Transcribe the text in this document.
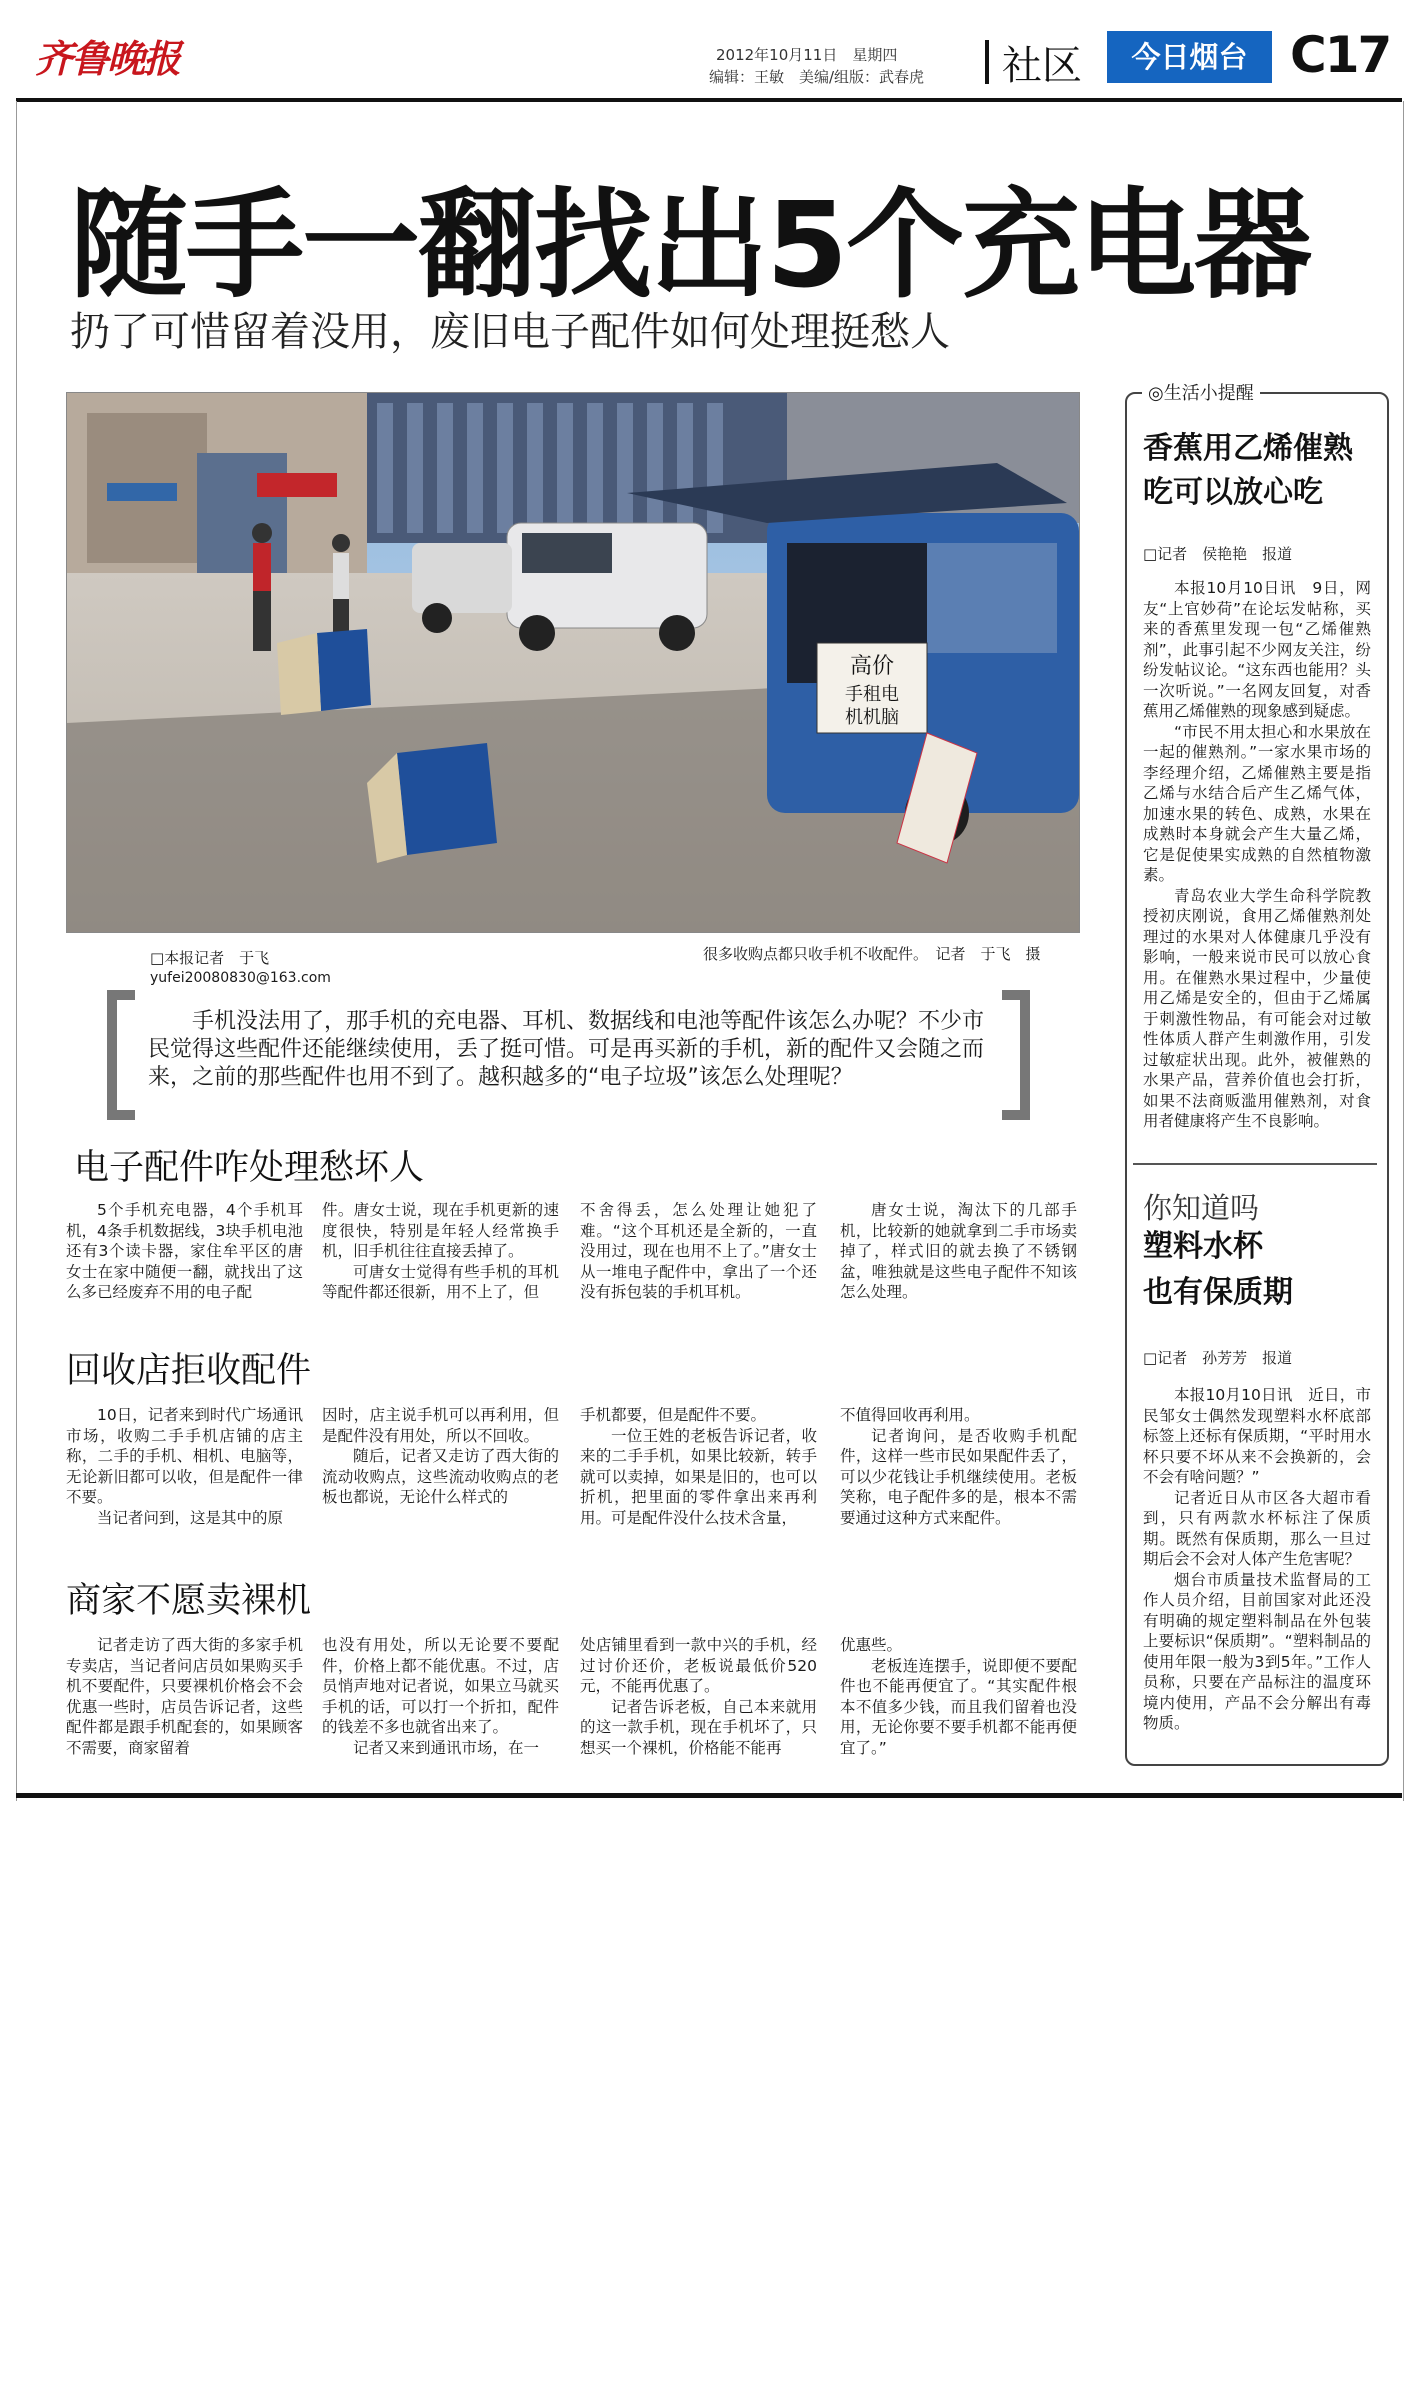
齐鲁晚报	2012年10月11日　星期四
编辑：王敏　美编/组版：武春虎 社区	今日烟台 C17
随手一翻找出5个充电器
扔了可惜留着没用，废旧电子配件如何处理挺愁人
高价
手租电
机机脑
□本报记者　于飞
yufei20080830@163.com
很多收购点都只收手机不收配件。　记者　于飞　摄
手机没法用了，那手机的充电器、耳机、数据线和电池等配件该怎么办呢？不少市民觉得这些配件还能继续使用，丢了挺可惜。可是再买新的手机，新的配件又会随之而来，之前的那些配件也用不到了。越积越多的“电子垃圾”该怎么处理呢？
电子配件咋处理愁坏人

5个手机充电器，4个手机耳机，4条手机数据线，3块手机电池还有3个读卡器，家住牟平区的唐女士在家中随便一翻，就找出了这么多已经废弃不用的电子配

件。唐女士说，现在手机更新的速度很快，特别是年轻人经常换手机，旧手机往往直接丢掉了。

可唐女士觉得有些手机的耳机等配件都还很新，用不上了，但

不舍得丢，怎么处理让她犯了难。“这个耳机还是全新的，一直没用过，现在也用不上了。”唐女士从一堆电子配件中，拿出了一个还没有拆包装的手机耳机。

唐女士说，淘汰下的几部手机，比较新的她就拿到二手市场卖掉了，样式旧的就去换了不锈钢盆，唯独就是这些电子配件不知该怎么处理。

回收店拒收配件

10日，记者来到时代广场通讯市场，收购二手手机店铺的店主称，二手的手机、相机、电脑等，无论新旧都可以收，但是配件一律不要。

当记者问到，这是其中的原

因时，店主说手机可以再利用，但是配件没有用处，所以不回收。

随后，记者又走访了西大街的流动收购点，这些流动收购点的老板也都说，无论什么样式的

手机都要，但是配件不要。

一位王姓的老板告诉记者，收来的二手手机，如果比较新，转手就可以卖掉，如果是旧的，也可以折机，把里面的零件拿出来再利用。可是配件没什么技术含量，

不值得回收再利用。

记者询问，是否收购手机配件，这样一些市民如果配件丢了，可以少花钱让手机继续使用。老板笑称，电子配件多的是，根本不需要通过这种方式来配件。

商家不愿卖裸机

记者走访了西大街的多家手机专卖店，当记者问店员如果购买手机不要配件，只要裸机价格会不会优惠一些时，店员告诉记者，这些配件都是跟手机配套的，如果顾客不需要，商家留着

也没有用处，所以无论要不要配件，价格上都不能优惠。不过，店员悄声地对记者说，如果立马就买手机的话，可以打一个折扣，配件的钱差不多也就省出来了。

记者又来到通讯市场，在一

处店铺里看到一款中兴的手机，经过讨价还价，老板说最低价520元，不能再优惠了。

记者告诉老板，自己本来就用的这一款手机，现在手机坏了，只想买一个裸机，价格能不能再

优惠些。

老板连连摆手，说即便不要配件也不能再便宜了。“其实配件根本不值多少钱，而且我们留着也没用，无论你要不要手机都不能再便宜了。”

◎生活小提醒
香蕉用乙烯催熟
吃可以放心吃
□记者　侯艳艳　报道

本报10月10日讯　9日，网友“上官妙荷”在论坛发帖称，买来的香蕉里发现一包“乙烯催熟剂”，此事引起不少网友关注，纷纷发帖议论。“这东西也能用？头一次听说。”一名网友回复，对香蕉用乙烯催熟的现象感到疑虑。

“市民不用太担心和水果放在一起的催熟剂。”一家水果市场的李经理介绍，乙烯催熟主要是指乙烯与水结合后产生乙烯气体，加速水果的转色、成熟，水果在成熟时本身就会产生大量乙烯，它是促使果实成熟的自然植物激素。

青岛农业大学生命科学院教授初庆刚说，食用乙烯催熟剂处理过的水果对人体健康几乎没有影响，一般来说市民可以放心食用。在催熟水果过程中，少量使用乙烯是安全的，但由于乙烯属于刺激性物品，有可能会对过敏性体质人群产生刺激作用，引发过敏症状出现。此外，被催熟的水果产品，营养价值也会打折，如果不法商贩滥用催熟剂，对食用者健康将产生不良影响。

你知道吗
塑料水杯
也有保质期
□记者　孙芳芳　报道

本报10月10日讯　近日，市民邹女士偶然发现塑料水杯底部标签上还标有保质期，“平时用水杯只要不坏从来不会换新的，会不会有啥问题？”

记者近日从市区各大超市看到，只有两款水杯标注了保质期。既然有保质期，那么一旦过期后会不会对人体产生危害呢？

烟台市质量技术监督局的工作人员介绍，目前国家对此还没有明确的规定塑料制品在外包装上要标识“保质期”。“塑料制品的使用年限一般为3到5年。”工作人员称，只要在产品标注的温度环境内使用，产品不会分解出有毒物质。
